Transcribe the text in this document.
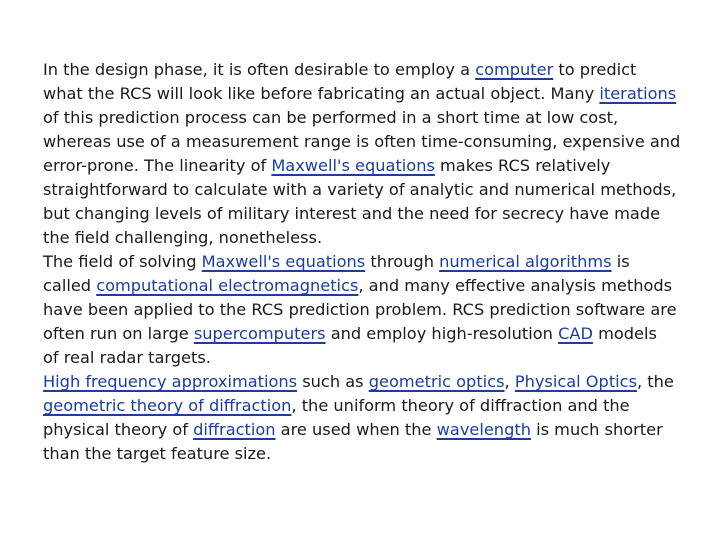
In the design phase, it is often desirable to employ a computer to predict
what the RCS will look like before fabricating an actual object. Many iterations
of this prediction process can be performed in a short time at low cost,
whereas use of a measurement range is often time-consuming, expensive and
error-prone. The linearity of Maxwell's equations makes RCS relatively
straightforward to calculate with a variety of analytic and numerical methods,
but changing levels of military interest and the need for secrecy have made
the field challenging, nonetheless.
The field of solving Maxwell's equations through numerical algorithms is
called computational electromagnetics, and many effective analysis methods
have been applied to the RCS prediction problem. RCS prediction software are
often run on large supercomputers and employ high-resolution CAD models
of real radar targets.
High frequency approximations such as geometric optics, Physical Optics, the
geometric theory of diffraction, the uniform theory of diffraction and the
physical theory of diffraction are used when the wavelength is much shorter
than the target feature size.
